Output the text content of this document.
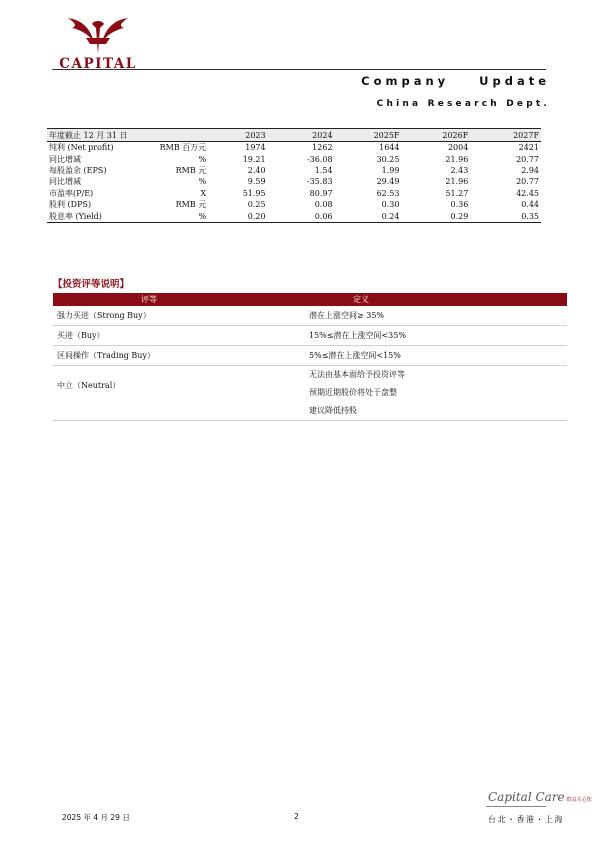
CAPITAL
Company	Update
China Research Dept.
年度截止 12 月 31 日		2023	2024	2025F	2026F	2027F
纯利 (Net profit)	RMB 百万元	1974	1262	1644	2004	2421
同比增减	%	19.21	-36.08	30.25	21.96	20.77
每股盈余 (EPS)	RMB 元	2.40	1.54	1.99	2.43	2.94
同比增减	%	9.59	-35.83	29.49	21.96	20.77
市盈率(P/E)	X	51.95	80.97	62.53	51.27	42.45
股利 (DPS)	RMB 元	0.25	0.08	0.30	0.36	0.44
股息率 (Yield)	%	0.20	0.06	0.24	0.29	0.35
【投资评等说明】
评等	定义
强力买进（Strong Buy）	潜在上涨空间≥ 35%
买进（Buy）	15%≤潜在上涨空间<35%
区间操作（Trading Buy）	5%≤潜在上涨空间<15%
中立（Neutral）	无法由基本面给予投资评等
预期近期股价将处于盘整
建议降低持股
2025 年 4 月 29 日	2
Capital Care 群益关心您
台北・香港・上海
